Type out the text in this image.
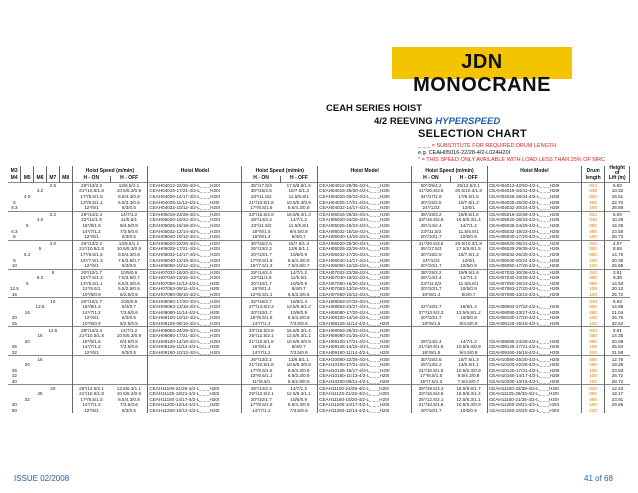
JDN MONOCRANE
CEAH SERIES HOIST
4/2 REEVING HYPERSPEED
SELECTION CHART
_ _ _ = SUBSTITUTE FOR REQUIRED DRUM LENGTH
e.g. CEAH05016-22/28-4/2-L024H20I
* = THIS SPEED ONLY AVAILABLE WITH LOAD LESS THAN 25% OF MRC
M3					Hoist Speed (m/min)		Hoist Model	Hoist Speed (m/min)		Hoist Model	Hoist Speed (m/min)		Hoist Model	Drum	Height of
M4	M5	M6	M7	M8	H - ON	H - OFF		H - ON	H - OFF		H - ON	H - OFF		length	Lift (m)
			2.5		28*/13/2.2	13/6.5/1.1	CEAH04012-22/26-4/2-L_ _ _H20I	35*/17.5/3	17.5/8.8/1.5	CEAH04012-28/35-4/2-L_ _ _H20I	50*/25/4.2	25/12.5/2.1	CEAH04012-42/50-4/2-L_ _ _H20I	024	5.50
		3.2			21*/10.5/1.8	10.5/5.3/0.9	CEAH04016-17/21-4/2-L_ _ _H20I	30*/15/2.5	15/7.5/1.3	CEAH04016-25/30-4/2-L_ _ _H20I	41*/20.5/3.5	20.5/10.3/1.8	CEAH04016-34/41-4/2-L_ _ _H20I	040	10.32
	4.0				17*/8.5/1.5	8.5/4.3/0.8	CEAH04020-14/17-4/2-L_ _ _H20I	23*/11.5/2	11.5/5.8/1	CEAH04020-20/23-4/2-L_ _ _H20I	34*/17/2.9	17/8.5/1.5	CEAH04025-28/34-4/2-L_ _ _H20I	050	16.51
5					13*/6.5/1.1	6.5/3.3/0.6	CEAH04025-11/13-4/2-L_ _ _H20I	21*/10.5/1.8	10.5/5.3/0.9	CEAH04025-17/21-4/2-L_ _ _H20I	30*/15/2.5	15/7.5/1.3	CEAH04025-25/30-4/2-L_ _ _H20I	080	22.70
6.3					12*/6/1	6/3/0.5	CEAH04032-10/12-4/2-L_ _ _H20I	17*/8.5/1.5	8.5/4.3/0.8	CEAH04032-14/17-4/2-L_ _ _H20I	24*/12/2	12/6/1	CEAH04032-20/24-4/2-L_ _ _H20I	100	28.89
			3.2		28*/14/2.4	14/7/1.2	CEAH05016-23/28-4/2-L_ _ _H20I	33*/16.5/2.8	16.5/8.3/1.4	CEAH05016-28/33-4/2-L_ _ _H20I	38*/19/3.2	19/9.5/1.6	CEAH05016-32/38-4/2-L_ _ _H20I	024	6.00
		4.0			22*/11/1.9	11/5.5/1	CEAH05020-19/22-4/2-L_ _ _H20I	28*/14/2.4	14/7/1.2	CEAH05020-24/28-4/2-L_ _ _H20I	33*/16.5/2.8	16.5/8.3/1.4	CEAH05020-28/33-4/2-L_ _ _H20I	040	10.29
	5				18*/9/1.5	9/4.5/0.8	CEAH05025-15/18-4/2-L_ _ _H20I	23*/11.5/2	11.5/5.8/1	CEAH05025-19/23-4/2-L_ _ _H20I	28*/14/2.4	14/7/1.2	CEAH05025-24/28-4/2-L_ _ _H20I	050	16.29
6.3					14*/7/1.2	7/3.5/0.6	CEAH05032-12/14-4/2-L_ _ _H20I	18*/9/1.5	9/4.5/0.8	CEAH05032-15/18-4/2-L_ _ _H20I	23*/11.5/2	11.5/5.8/1	CEAH05032-19/23-4/2-L_ _ _H20I	080	23.58
8					12*/6/1	6/3/0.5	CEAH05040-10/12-4/2-L_ _ _H20I	16*/8/1.4	8/4/0.7	CEAH05040-14/16-4/2-L_ _ _H20I	20*/10/1.7	10/5/0.9	CEAH05040-17/20-4/2-L_ _ _H20I	100	28.73
			4.0		26*/13/2.2	13/6.5/1.1	CEAH06020-22/26-4/2-L_ _ _H20I	30*/15/2.5	15/7.5/1.3	CEAH06020-25/30-4/2-L_ _ _H20I	41*/20.5/3.5	20.5/10.3/1.8	CEAH06020-35/41-4/2-L_ _ _H20I	040	4.07
		5			21*/10.5/1.8	10.5/5.3/0.9	CEAH06025-17/21-4/2-L_ _ _H20I	26*/13/2.2	13/6.5/1.1	CEAH06025-22/26-4/2-L_ _ _H20I	35*/17.5/3	17.5/8.8/1.5	CEAH06025-29/35-4/2-L_ _ _H20I	050	8.65
	6.3				17*/8.5/1.5	8.5/4.3/0.8	CEAH06032-14/17-4/2-L_ _ _H20I	20*/10/1.7	10/5/0.9	CEAH06032-17/20-4/2-L_ _ _H20I	30*/15/2.5	15/7.5/1.3	CEAH06032-26/30-4/2-L_ _ _H20I	080	14.75
8					15*/7.5/1.3	7.5/3.8/0.7	CEAH06040-12/15-4/2-L_ _ _H20I	17*/8.5/1.5	8.5/4.3/0.8	CEAH06040-14/17-4/2-L_ _ _H20I	24*/12/2	12/6/1	CEAH06040-20/24-4/2-L_ _ _H20I	100	20.35
10					12*/6/1	6/3/0.5	CEAH06050-10/12-4/2-L_ _ _H20I	15*/7.5/1.3	7.5/3.8/0.7	CEAH06050-12/15-4/2-L_ _ _H20I	20*/10/1.7	10/5/0.9	CEAH06050-17/20-4/2-L_ _ _H20I	120	25.95
			5		20*/10/1.7	10/5/0.9	CEAH07032-16/20-4/2-L_ _ _H20I	28*/14/2.4	14/7/1.2	CEAH07032-23/28-4/2-L_ _ _H20I	38*/19/3.2	19/9.5/1.6	CEAH07032-30/38-4/2-L_ _ _H20I	040	3.91
		6.3			15*/7.5/1.3	7.5/3.8/0.7	CEAH07040-13/15-4/2-L_ _ _H20I	22*/11/1.9	11/5.5/1	CEAH07040-19/22-4/2-L_ _ _H20I	28*/14/2.4	14/7/1.2	CEAH07040-23/28-4/2-L_ _ _H20I	060	9.38
	8				13*/6.5/1.1	6.5/3.3/0.6	CEAH07050-11/13-4/2-L_ _ _H20I	20*/10/1.7	10/5/0.9	CEAH07050-16/20-4/2-L_ _ _H20I	23*/11.5/2	11.5/5.8/1	CEAH07050-19/23-4/2-L_ _ _H20I	080	14.53
12.5					11*/5.5/1	5.5/2.8/0.5	CEAH07063-09/11-4/2-L_ _ _H20I	16*/8/1.4	8/4/0.7	CEAH07063-13/16-4/2-L_ _ _H20I	20*/10/1.7	10/5/0.9	CEAH07063-17/20-4/2-L_ _ _H20I	100	20.13
16					10*/5/0.9	5/2.5/0.5	CEAH07080-08/10-4/2-L_ _ _H20I	12*/6.5/1.1	6.5/3.3/0.6	CEAH07080-10/12-4/2-L_ _ _H20I	16*/8/1.4	8/4/0.7	CEAH07080-13/16-4/2-L_ _ _H20I	120	25.72
			10		20*/10/1.7	10/5/0.9	CEAH08050-17/20-4/2-L_ _ _H20I	32*/16/2.7	16/8/1.4	CEAH08063-27/32-4/2-L_ _ _H20I				040	8.92
		12.5			16*/8/1.4	8/4/0.7	CEAH08063-13/16-4/2-L_ _ _H20I	27*/13.5/2.3	13.5/6.8/1.2	CEAH08063-23/27-4/2-L_ _ _H20I	32*/16/2.7	16/8/1.4	CEAH08063-27/32-4/2-L_ _ _H20I	060	14.98
	16				14*/7/1.2	7/3.5/0.6	CEAH08080-11/14-4/2-L_ _ _H20I	20*/10/1.7	10/5/0.9	CEAH08080-17/20-4/2-L_ _ _H20I	27*/13.5/2.3	13.5/6.8/1.2	CEAH08080-23/27-4/2-L_ _ _H20I	080	21.04
20					12*/6/1	6/3/0.5	CEAH08100-10/12-4/2-L_ _ _H20I	16*/8.5/1.6	8.5/4.3/0.8	CEAH08100-14/16-4/2-L_ _ _H20I	20*/10/1.7	10/5/0.9	CEAH08100-17/20-4/2-L_ _ _H20I	100	26.76
25					10*/5/0.9	5/2.5/0.5	CEAH08125-08/10-4/2-L_ _ _H20I	14*/7/1.2	7/3.5/0.6	CEAH08125-11/14-4/2-L_ _ _H20I	18*/9/1.5	9/4.5/0.8	CEAH08125-15/18-4/2-L_ _ _H20I	120	32.52
			12.5		28*/14/2.4	14/7/1.2	CEAH09063-24/28-4/2-L_ _ _H20I	33*/16.5/2.8	16.5/8.3/1.4	CEAH09063-28/33-4/2-L_ _ _H20I				040	8.61
		16			21*/10.5/1.8	10.5/5.3/0.9	CEAH09080-17/21-4/2-L_ _ _H20I	25*/12.5/2.1	12.5/6.3/1.1	CEAH09080-21/25-4/2-L_ _ _H20I				050	14.35
	20				18*/9/1.5	9/4.5/0.8	CEAH09100-14/18-4/2-L_ _ _H20I	21*/10.5/1.8	10.5/5.3/0.9	CEAH09100-17/21-4/2-L_ _ _H20I	28*/14/2.4	14/7/1.2	CEAH09086-24/28-4/2-L_ _ _H20I	080	20.09
25					14*/7/1.2	7/3.5/0.6	CEAH09125-11/14-4/2-L_ _ _H20I	16*/8/1.4	8/4/0.7	CEAH09125-14/16-4/2-L_ _ _H20I	21*/10.5/1.8	10.5/5.3/0.9	CEAH09125-17/21-4/2-L_ _ _H20I	100	25.84
32					12*/6/1	6/3/0.5	CEAH09160-10/12-4/2-L_ _ _H20I	14*/7/1.2	7/3.5/0.6	CEAH09160-11/14-4/2-L_ _ _H20I	18*/9/1.5	9/4.5/0.8	CEAH09160-15/18-4/2-L_ _ _H20I	120	31.58
		16						26*/13/2.2	13/6.5/1.1	CEAH10080-22/26-4/2-L_ _ _H20I	30*/15/2.5	15/7.5/1.3	CEAH10080-25/30-4/2-L_ _ _H20I	060	12.76
	20							21*/10.5/1.8	10.5/5.3/0.9	CEAH10100-17/21-4/2-L_ _ _H20I	26*/13/2.2	13/6.5/1.1	CEAH10100-22/26-4/2-L_ _ _H20I	080	18.35
25								17*/8.5/1.5	8.5/4.3/0.8	CEAH10125-15/17-4/2-L_ _ _H20I	21*/10.5/1.8	10.5/5.3/0.9	CEAH10125-17/21-4/2-L_ _ _H20I	100	23.93
32								13*/6.5/1.1	6.5/3.3/0.6	CEAH10160-11/13-4/2-L_ _ _H20I	17*/8.5/1.5	8.5/4.3/0.8	CEAH10160-14/17-4/2-L_ _ _H20I	120	28.72
40								11*/5.5/1	5.5/2.8/0.5	CEAH10200-09/11-4/2-L_ _ _H20I	15*/7.5/1.3	7.5/3.8/0.7	CEAH10200-13/15-4/2-L_ _ _H20I	120	28.72
			20		25*/12.5/2.1	12.5/6.3/1.1	CEAH11100-21/25-4/2-L_ _ _H20I	28*/14/2.4	14/7/1.2	CEAH11100-24/28-4/2-L_ _ _H20I	39*/19.5/3.3	19.5/9.8/1.7	CEAH11100-32/39-4/2-L_ _ _H20I	040	12.43
		25			21*/10.5/1.8	10.5/5.3/0.9	CEAH11125-18/21-4/2-L_ _ _H20I	25*/12.5/2.1	12.5/6.3/1.1	CEAH11125-21/25-4/2-L_ _ _H20I	33*/16.5/2.8	16.5/8.3/1.4	CEAH11125-28/33-4/2-L_ _ _H20I	060	18.17
	32				17*/8.5/1.5	8.5/4.3/0.8	CEAH11160-14/17-4/2-L_ _ _H20I	20*/10/1.7	10/5/0.9	CEAH11160-16/20-4/2-L_ _ _H20I	25*/12.5/2.1	12.5/6.3/1.1	CEAH11160-21/25-4/2-L_ _ _H20I	080	23.91
40					14*/7/1.2	7/3.5/0.6	CEAH11200-12/14-4/2-L_ _ _H20I	17*/8.5/1.5	8.5/4.3/0.8	CEAH11200-14/17-4/2-L_ _ _H20I	21*/10.5/1.8	10.5/5.3/0.9	CEAH11200-18/21-4/2-L_ _ _H20I	100	29.65
50					12*/6/1	6/3/0.5	CEAH11250-10/12-4/2-L_ _ _H20I	14*/7/1.2	7/3.5/0.6	CEAH11250-12/14-4/2-L_ _ _H20I	20*/10/1.7	10/5/0.9	CEAH11250-16/20-4/2-L_ _ _H20I	120	
ISSUE 02/2008	41 of 68
